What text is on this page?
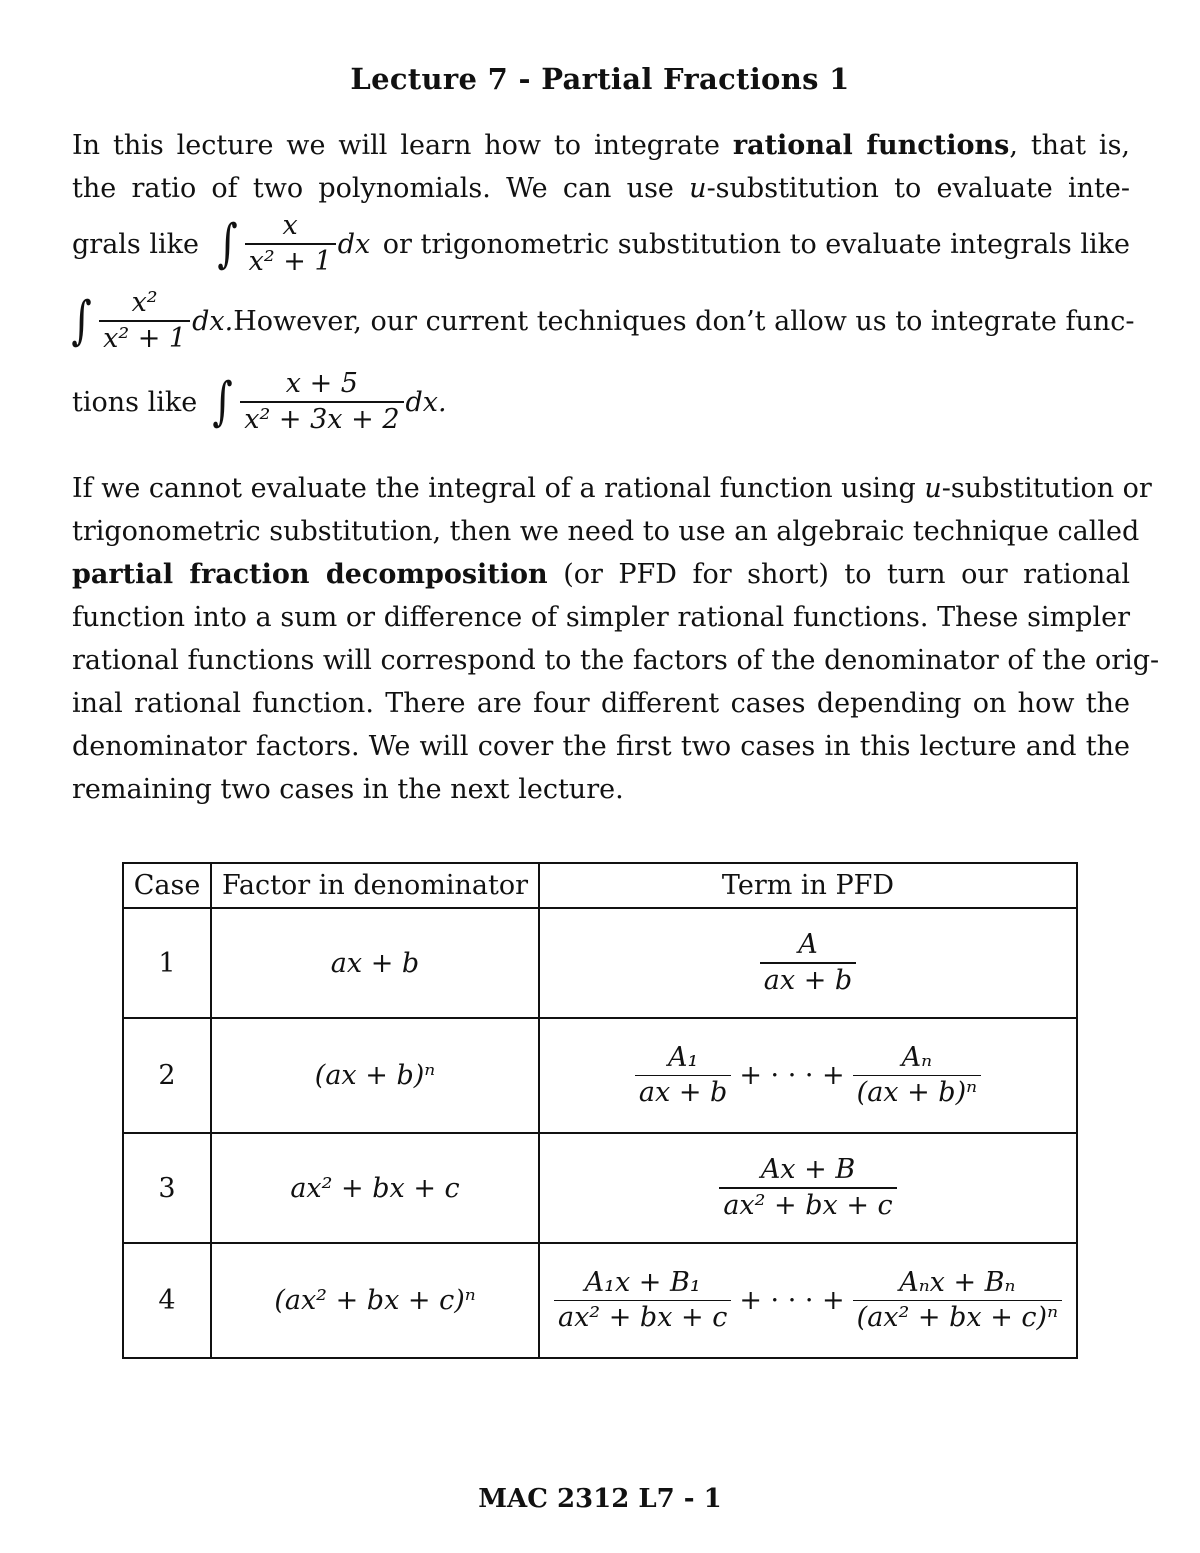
Lecture 7 - Partial Fractions 1
In this lecture we will learn how to integrate rational functions, that is,
the ratio of two polynomials. We can use u-substitution to evaluate inte-
grals like ∫ $\frac{x}{\text{x² + 1}}$ dx or trigonometric substitution to evaluate integrals like
∫ $\frac{\text{x²}}{\text{x² + 1}}$ dx. However, our current techniques don’t allow us to integrate func-
tions like ∫ $\frac{x + 5}{\text{x² + 3x + 2}}$ dx.
If we cannot evaluate the integral of a rational function using u-substitution or
trigonometric substitution, then we need to use an algebraic technique called
partial fraction decomposition (or PFD for short) to turn our rational
function into a sum or difference of simpler rational functions. These simpler
rational functions will correspond to the factors of the denominator of the orig-
inal rational function. There are four different cases depending on how the
denominator factors. We will cover the first two cases in this lecture and the
remaining two cases in the next lecture.
Case	Factor in denominator	Term in PFD
1	ax + b	$\frac{A}{ax + b}$

2	(ax + b)ⁿ	$\frac{\text{A₁}}{ax + b}$ + · · · + $\frac{\text{Aₙ}}{\text{(ax + b)ⁿ}}$

3	ax² + bx + c	$\frac{Ax + B}{\text{ax² + bx + c}}$

4	(ax² + bx + c)ⁿ	$\frac{\text{A₁x + B₁}}{\text{ax² + bx + c}}$ + · · · + $\frac{\text{Aₙx + Bₙ}}{\text{(ax² + bx + c)ⁿ}}$
MAC 2312 L7 - 1
